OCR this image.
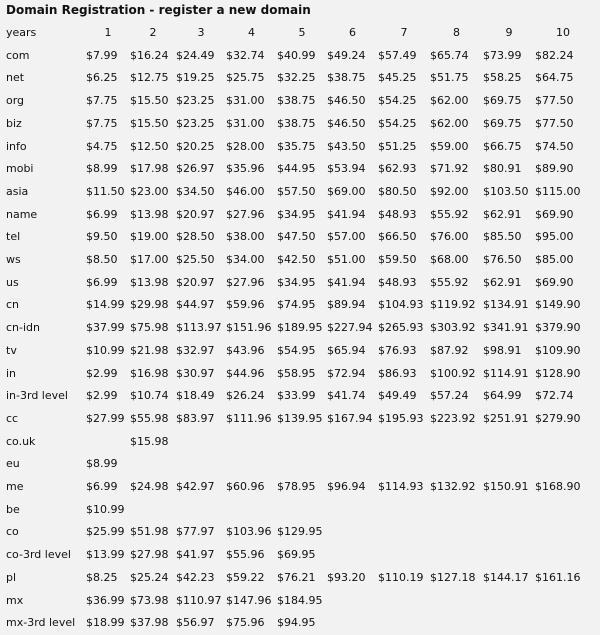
Domain Registration - register a new domain
years	1	2	3	4	5	6	7	8	9	10
com	$7.99	$16.24	$24.49	$32.74	$40.99	$49.24	$57.49	$65.74	$73.99	$82.24
net	$6.25	$12.75	$19.25	$25.75	$32.25	$38.75	$45.25	$51.75	$58.25	$64.75
org	$7.75	$15.50	$23.25	$31.00	$38.75	$46.50	$54.25	$62.00	$69.75	$77.50
biz	$7.75	$15.50	$23.25	$31.00	$38.75	$46.50	$54.25	$62.00	$69.75	$77.50
info	$4.75	$12.50	$20.25	$28.00	$35.75	$43.50	$51.25	$59.00	$66.75	$74.50
mobi	$8.99	$17.98	$26.97	$35.96	$44.95	$53.94	$62.93	$71.92	$80.91	$89.90
asia	$11.50	$23.00	$34.50	$46.00	$57.50	$69.00	$80.50	$92.00	$103.50	$115.00
name	$6.99	$13.98	$20.97	$27.96	$34.95	$41.94	$48.93	$55.92	$62.91	$69.90
tel	$9.50	$19.00	$28.50	$38.00	$47.50	$57.00	$66.50	$76.00	$85.50	$95.00
ws	$8.50	$17.00	$25.50	$34.00	$42.50	$51.00	$59.50	$68.00	$76.50	$85.00
us	$6.99	$13.98	$20.97	$27.96	$34.95	$41.94	$48.93	$55.92	$62.91	$69.90
cn	$14.99	$29.98	$44.97	$59.96	$74.95	$89.94	$104.93	$119.92	$134.91	$149.90
cn-idn	$37.99	$75.98	$113.97	$151.96	$189.95	$227.94	$265.93	$303.92	$341.91	$379.90
tv	$10.99	$21.98	$32.97	$43.96	$54.95	$65.94	$76.93	$87.92	$98.91	$109.90
in	$2.99	$16.98	$30.97	$44.96	$58.95	$72.94	$86.93	$100.92	$114.91	$128.90
in-3rd level	$2.99	$10.74	$18.49	$26.24	$33.99	$41.74	$49.49	$57.24	$64.99	$72.74
cc	$27.99	$55.98	$83.97	$111.96	$139.95	$167.94	$195.93	$223.92	$251.91	$279.90
co.uk		$15.98								
eu	$8.99									
me	$6.99	$24.98	$42.97	$60.96	$78.95	$96.94	$114.93	$132.92	$150.91	$168.90
be	$10.99									
co	$25.99	$51.98	$77.97	$103.96	$129.95					
co-3rd level	$13.99	$27.98	$41.97	$55.96	$69.95					
pl	$8.25	$25.24	$42.23	$59.22	$76.21	$93.20	$110.19	$127.18	$144.17	$161.16
mx	$36.99	$73.98	$110.97	$147.96	$184.95					
mx-3rd level	$18.99	$37.98	$56.97	$75.96	$94.95					
